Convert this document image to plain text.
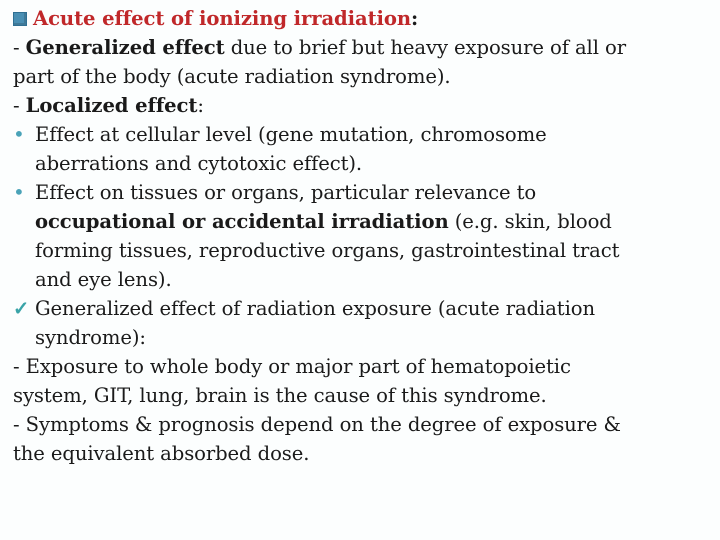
Acute effect of ionizing irradiation :
- Generalized effect due to brief but heavy exposure of all or
part of the body (acute radiation syndrome).
- Localized effect:
• Effect at cellular level (gene mutation, chromosome
aberrations and cytotoxic effect).
• Effect on tissues or organs, particular relevance to
occupational or accidental irradiation (e.g. skin, blood
forming tissues, reproductive organs, gastrointestinal tract
and eye lens).
✓ Generalized effect of radiation exposure (acute radiation
syndrome):
- Exposure to whole body or major part of hematopoietic
system, GIT, lung, brain is the cause of this syndrome.
- Symptoms & prognosis depend on the degree of exposure &
the equivalent absorbed dose.
